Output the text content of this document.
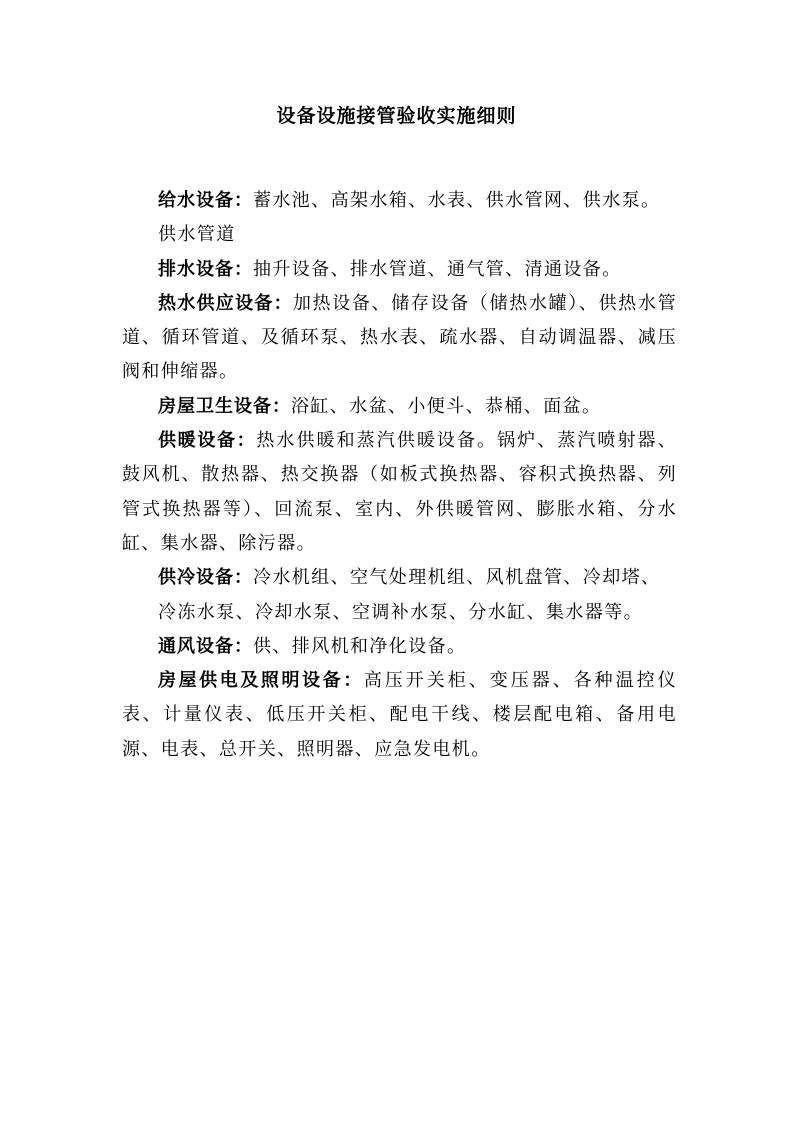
设备设施接管验收实施细则

给水设备：蓄水池、高架水箱、水表、供水管网、供水泵。

供水管道

排水设备：抽升设备、排水管道、通气管、清通设备。

热水供应设备：加热设备、储存设备（储热水罐）、供热水管道、循环管道、及循环泵、热水表、疏水器、自动调温器、减压阀和伸缩器。

房屋卫生设备：浴缸、水盆、小便斗、恭桶、面盆。

供暖设备：热水供暖和蒸汽供暖设备。锅炉、蒸汽喷射器、鼓风机、散热器、热交换器（如板式换热器、容积式换热器、列管式换热器等）、回流泵、室内、外供暖管网、膨胀水箱、分水缸、集水器、除污器。

供冷设备：冷水机组、空气处理机组、风机盘管、冷却塔、

冷冻水泵、冷却水泵、空调补水泵、分水缸、集水器等。

通风设备：供、排风机和净化设备。

房屋供电及照明设备：高压开关柜、变压器、各种温控仪表、计量仪表、低压开关柜、配电干线、楼层配电箱、备用电源、电表、总开关、照明器、应急发电机。
